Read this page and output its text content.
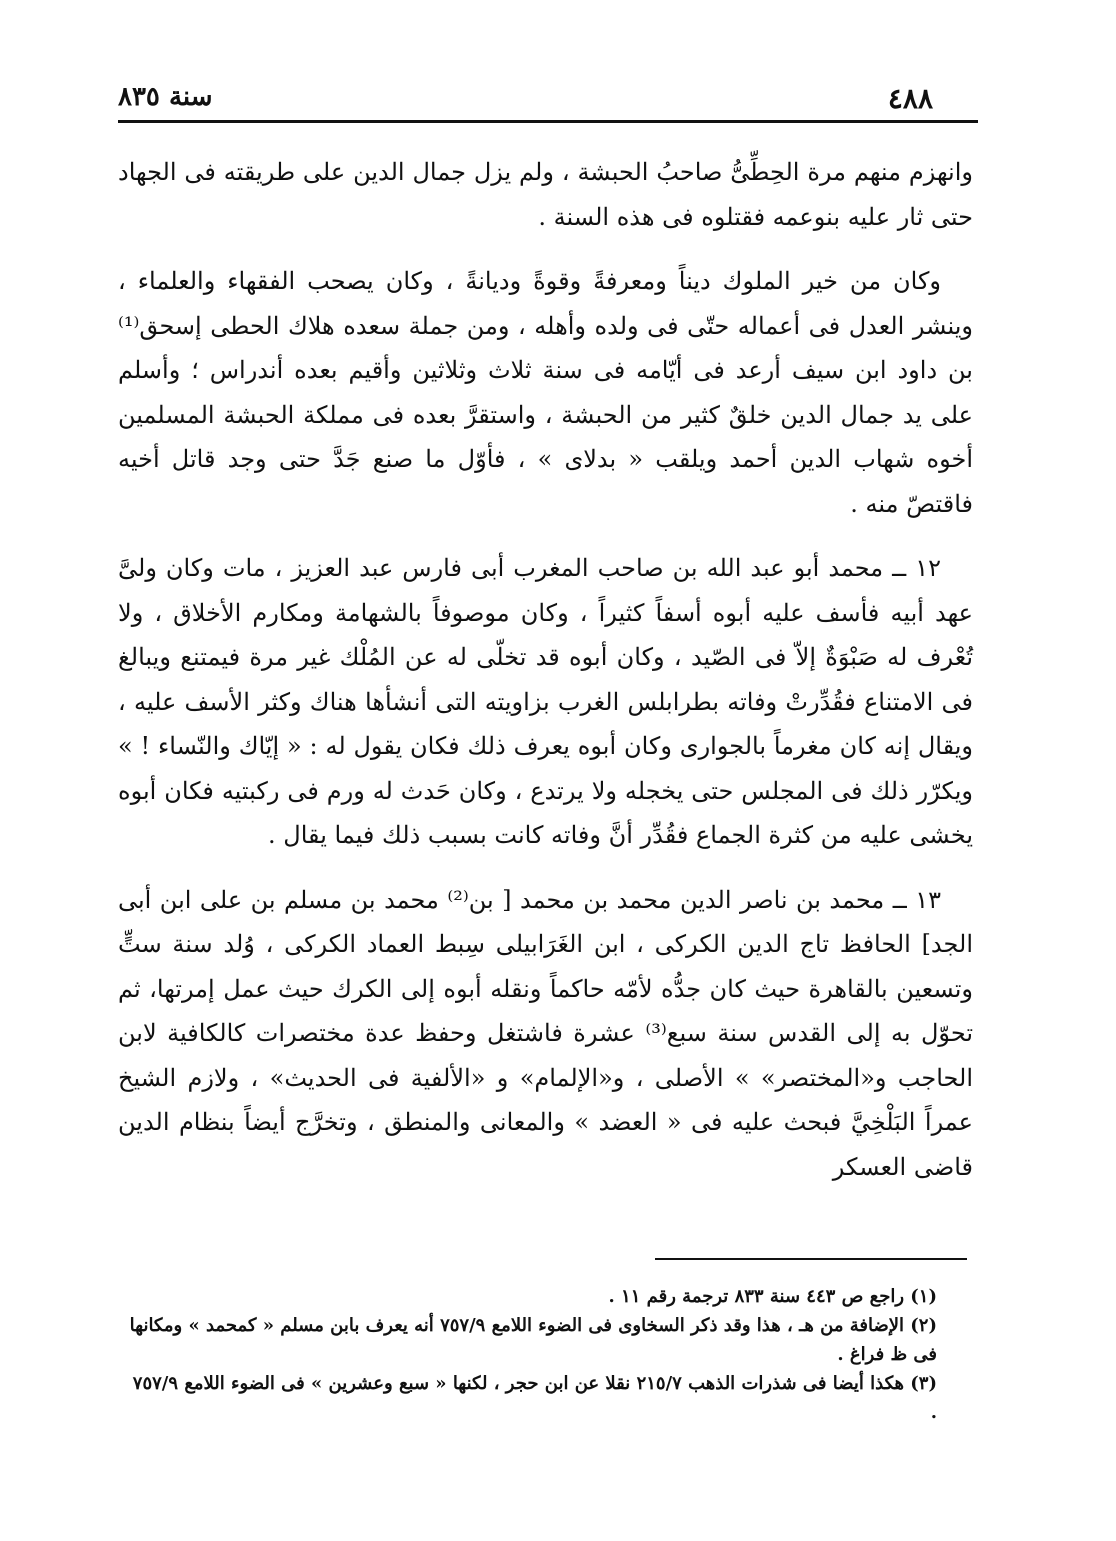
٤٨٨
سنة ٨٣٥

وانهزم منهم مرة الحِطِّىُّ صاحبُ الحبشة ، ولم يزل جمال الدين على طريقته فى الجهاد حتى ثار عليه بنوعمه فقتلوه فى هذه السنة .

وكان من خير الملوك ديناً ومعرفةً وقوةً وديانةً ، وكان يصحب الفقهاء والعلماء ، وينشر العدل فى أعماله حتّى فى ولده وأهله ، ومن جملة سعده هلاك الحطى إسحق⁽¹⁾ بن داود ابن سيف أرعد فى أيّامه فى سنة ثلاث وثلاثين وأقيم بعده أندراس ؛ وأسلم على يد جمال الدين خلقٌ كثير من الحبشة ، واستقرَّ بعده فى مملكة الحبشة المسلمين أخوه شهاب الدين أحمد ويلقب « بدلاى » ، فأوّل ما صنع جَدَّ حتى وجد قاتل أخيه فاقتصّ منه .

١٢ ــ محمد أبو عبد الله بن صاحب المغرب أبى فارس عبد العزيز ، مات وكان ولىَّ عهد أبيه فأسف عليه أبوه أسفاً كثيراً ، وكان موصوفاً بالشهامة ومكارم الأخلاق ، ولا تُعْرف له صَبْوَةٌ إلاّ فى الصّيد ، وكان أبوه قد تخلّى له عن المُلْك غير مرة فيمتنع ويبالغ فى الامتناع فقُدِّرتْ وفاته بطرابلس الغرب بزاويته التى أنشأها هناك وكثر الأسف عليه ، ويقال إنه كان مغرماً بالجوارى وكان أبوه يعرف ذلك فكان يقول له : « إيّاك والنّساء ! » ويكرّر ذلك فى المجلس حتى يخجله ولا يرتدع ، وكان حَدث له ورم فى ركبتيه فكان أبوه يخشى عليه من كثرة الجماع فقُدِّر أنَّ وفاته كانت بسبب ذلك فيما يقال .

١٣ ــ محمد بن ناصر الدين محمد بن محمد [ بن⁽²⁾ محمد بن مسلم بن على ابن أبى الجد] الحافظ تاج الدين الكركى ، ابن الغَرَابيلى سِبط العماد الكركى ، وُلد سنة ستٍّ وتسعين بالقاهرة حيث كان جدُّه لأمّه حاكماً ونقله أبوه إلى الكرك حيث عمل إمرتها، ثم تحوّل به إلى القدس سنة سبع⁽³⁾ عشرة فاشتغل وحفظ عدة مختصرات كالكافية لابن الحاجب و«المختصر» » الأصلى ، و«الإلمام» و «الألفية فى الحديث» ، ولازم الشيخ عمراً البَلْخِيَّ فبحث عليه فى « العضد » والمعانى والمنطق ، وتخرَّج أيضاً بنظام الدين قاضى العسكر

(١) راجع ص ٤٤٣ سنة ٨٣٣ ترجمة رقم ١١ .

(٢) الإضافة من هـ ، هذا وقد ذكر السخاوى فى الضوء اللامع ٧٥٧/٩ أنه يعرف بابن مسلم « كمحمد » ومكانها فى ظ فراغ .

(٣) هكذا أيضا فى شذرات الذهب ٢١٥/٧ نقلا عن ابن حجر ، لكنها « سبع وعشرين » فى الضوء اللامع ٧٥٧/٩ .
